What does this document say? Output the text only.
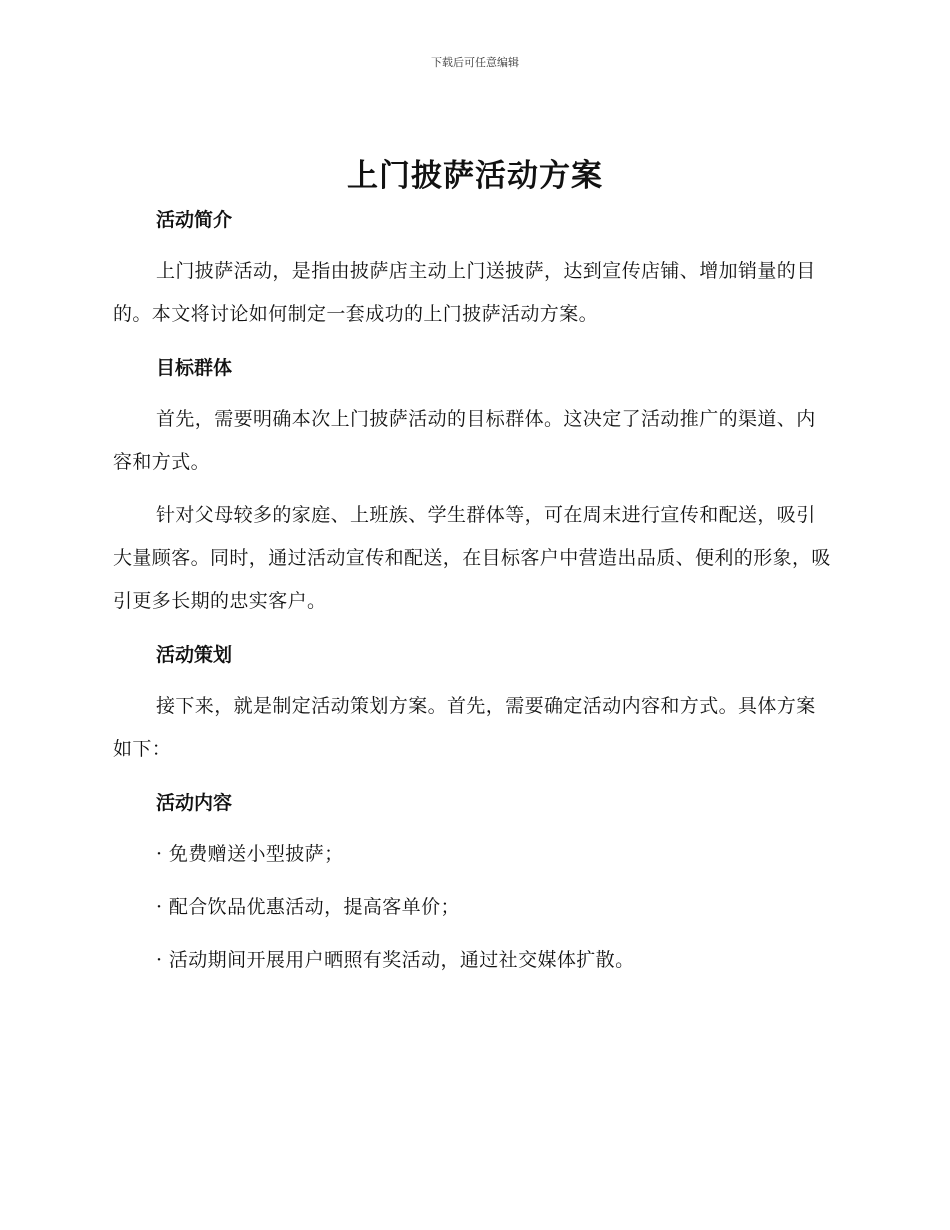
下载后可任意编辑
上门披萨活动方案
活动简介

上门披萨活动，是指由披萨店主动上门送披萨，达到宣传店铺、增加销量的目的。本文将讨论如何制定一套成功的上门披萨活动方案。

目标群体

首先，需要明确本次上门披萨活动的目标群体。这决定了活动推广的渠道、内容和方式。

针对父母较多的家庭、上班族、学生群体等，可在周末进行宣传和配送，吸引大量顾客。同时，通过活动宣传和配送，在目标客户中营造出品质、便利的形象，吸引更多长期的忠实客户。

活动策划

接下来，就是制定活动策划方案。首先，需要确定活动内容和方式。具体方案如下：

活动内容

· 免费赠送小型披萨；

· 配合饮品优惠活动，提高客单价；

· 活动期间开展用户晒照有奖活动，通过社交媒体扩散。
